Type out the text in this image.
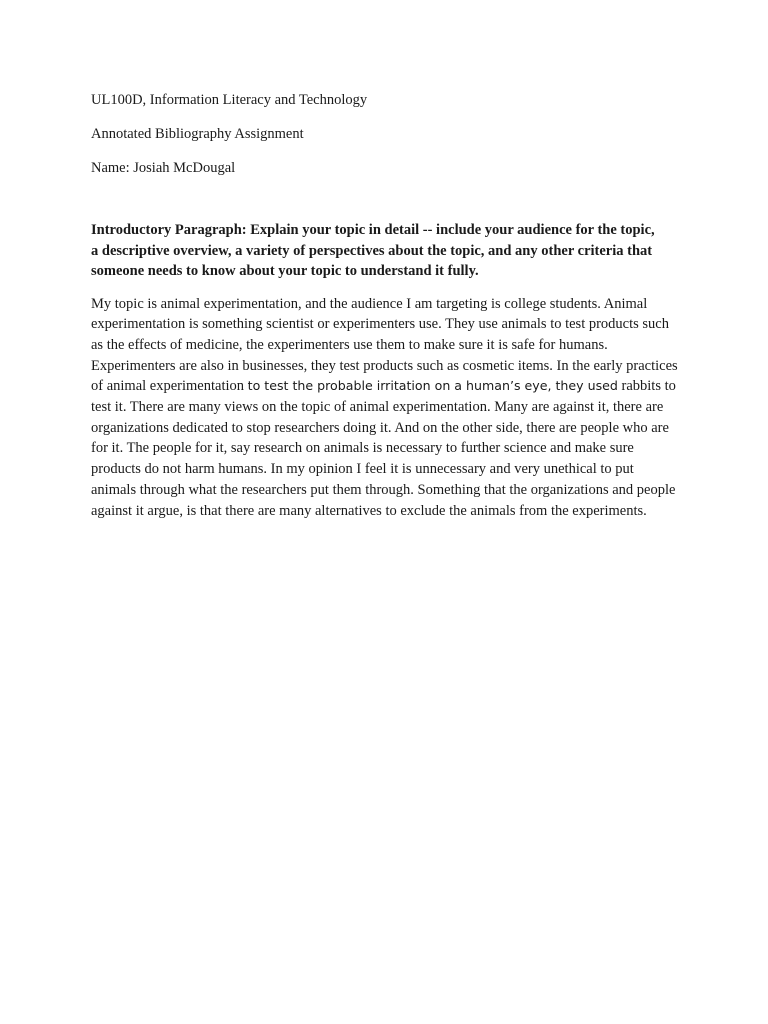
UL100D, Information Literacy and Technology

Annotated Bibliography Assignment

Name: Josiah McDougal

Introductory Paragraph: Explain your topic in detail -- include your audience for the topic, a descriptive overview, a variety of perspectives about the topic, and any other criteria that someone needs to know about your topic to understand it fully.

My topic is animal experimentation, and the audience I am targeting is college students. Animal experimentation is something scientist or experimenters use. They use animals to test products such as the effects of medicine, the experimenters use them to make sure it is safe for humans. Experimenters are also in businesses, they test products such as cosmetic items. In the early practices of animal experimentation to test the probable irritation on a human’s eye, they used rabbits to test it. There are many views on the topic of animal experimentation. Many are against it, there are organizations dedicated to stop researchers doing it. And on the other side, there are people who are for it. The people for it, say research on animals is necessary to further science and make sure products do not harm humans. In my opinion I feel it is unnecessary and very unethical to put animals through what the researchers put them through. Something that the organizations and people against it argue, is that there are many alternatives to exclude the animals from the experiments.
